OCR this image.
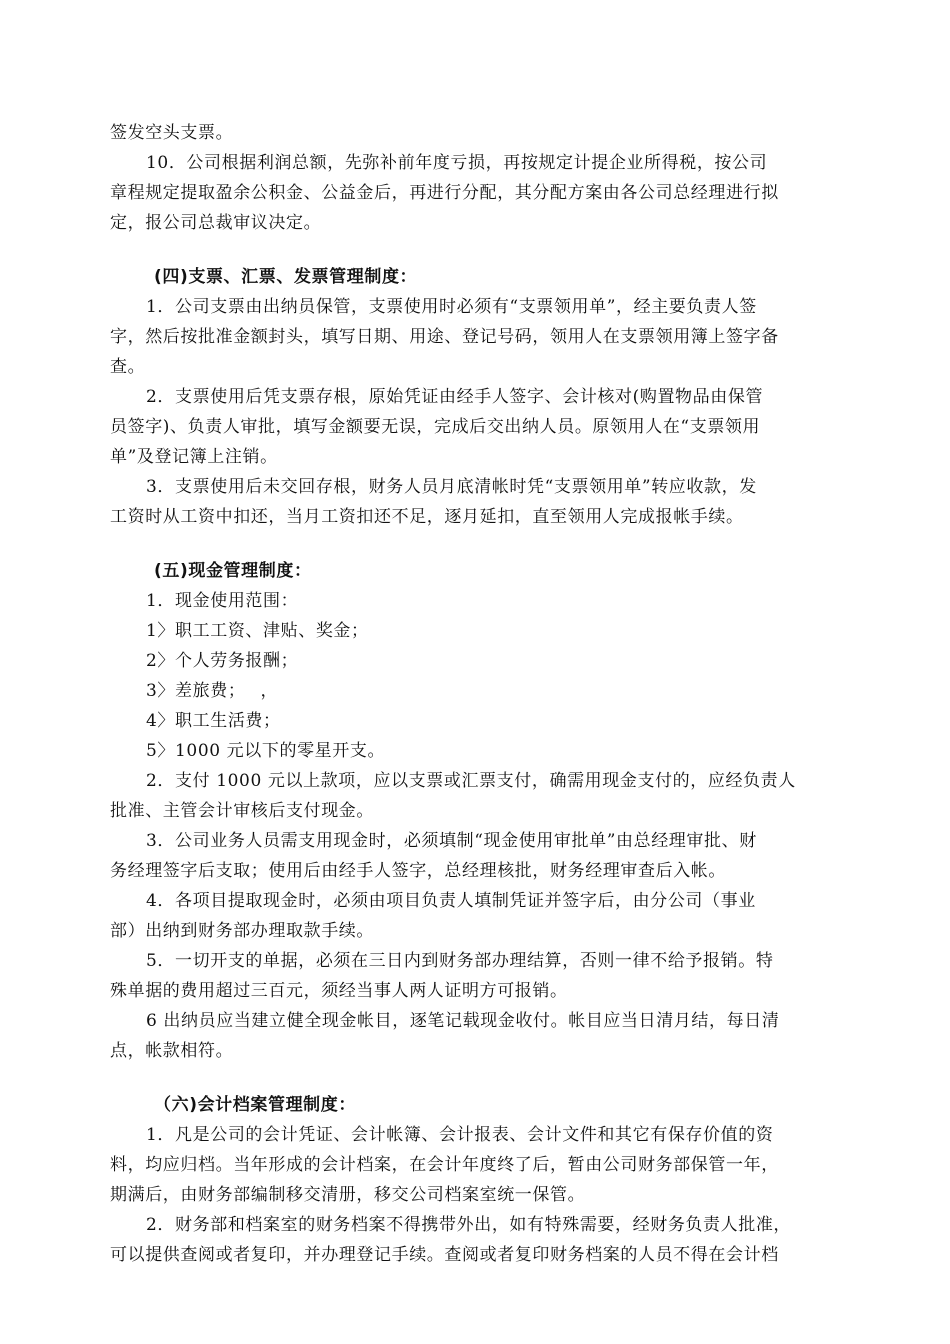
签发空头支票。
10．公司根据利润总额，先弥补前年度亏损，再按规定计提企业所得税，按公司
章程规定提取盈余公积金、公益金后，再进行分配，其分配方案由各公司总经理进行拟
定，报公司总裁审议决定。
(四)支票、汇票、发票管理制度：
1．公司支票由出纳员保管，支票使用时必须有“支票领用单”，经主要负责人签
字，然后按批准金额封头，填写日期、用途、登记号码，领用人在支票领用簿上签字备
查。
2．支票使用后凭支票存根，原始凭证由经手人签字、会计核对(购置物品由保管
员签字)、负责人审批，填写金额要无误，完成后交出纳人员。原领用人在“支票领用
单”及登记簿上注销。
3．支票使用后未交回存根，财务人员月底清帐时凭“支票领用单”转应收款，发
工资时从工资中扣还，当月工资扣还不足，逐月延扣，直至领用人完成报帐手续。
(五)现金管理制度：
1．现金使用范围：
1〉职工工资、津贴、奖金；
2〉个人劳务报酬；
3〉差旅费；　 ，
4〉职工生活费；
5〉1000 元以下的零星开支。
2．支付 1000 元以上款项，应以支票或汇票支付，确需用现金支付的，应经负责人
批准、主管会计审核后支付现金。
3．公司业务人员需支用现金时，必须填制“现金使用审批单”由总经理审批、财
务经理签字后支取；使用后由经手人签字，总经理核批，财务经理审查后入帐。
4．各项目提取现金时，必须由项目负责人填制凭证并签字后，由分公司（事业
部）出纳到财务部办理取款手续。
5．一切开支的单据，必须在三日内到财务部办理结算，否则一律不给予报销。特
殊单据的费用超过三百元，须经当事人两人证明方可报销。
6 出纳员应当建立健全现金帐目，逐笔记载现金收付。帐目应当日清月结，每日清
点，帐款相符。
（六)会计档案管理制度：
1．凡是公司的会计凭证、会计帐簿、会计报表、会计文件和其它有保存价值的资
料，均应归档。当年形成的会计档案，在会计年度终了后，暂由公司财务部保管一年，
期满后，由财务部编制移交清册，移交公司档案室统一保管。
2．财务部和档案室的财务档案不得携带外出，如有特殊需要，经财务负责人批准，
可以提供查阅或者复印，并办理登记手续。查阅或者复印财务档案的人员不得在会计档
